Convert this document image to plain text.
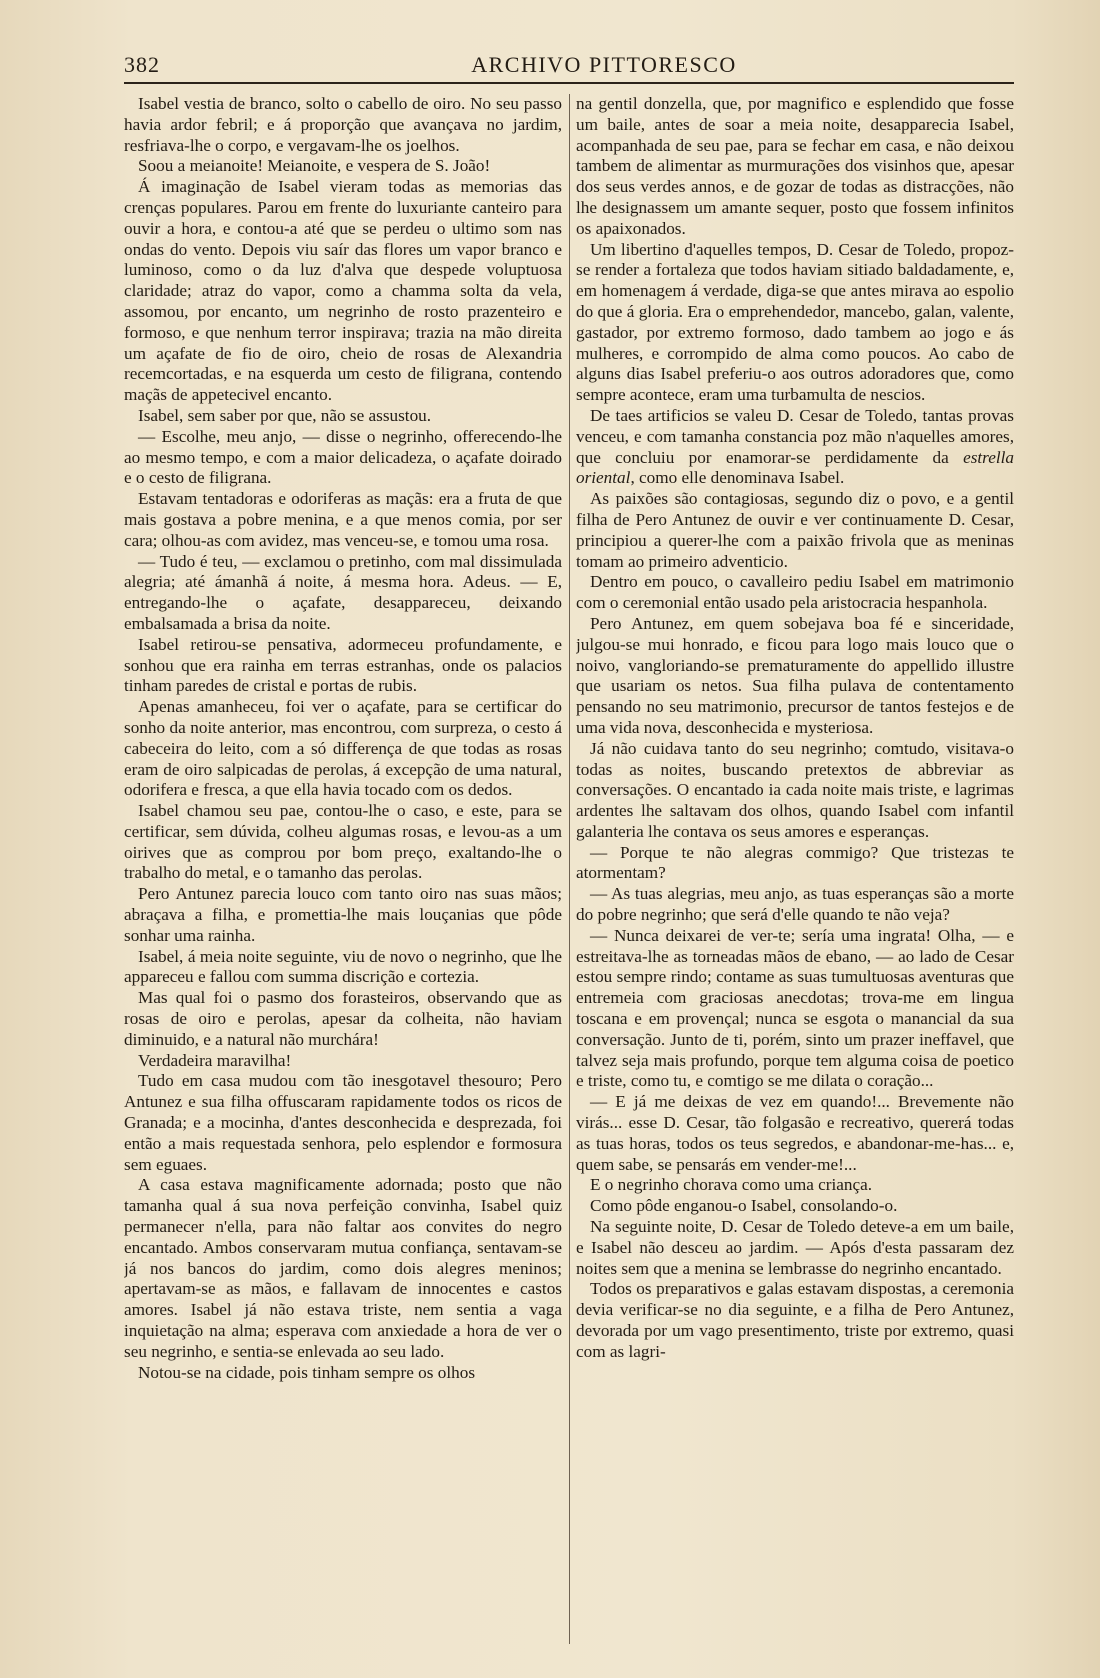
382	ARCHIVO PITTORESCO

Isabel vestia de branco, solto o cabello de oiro. No seu passo havia ardor febril; e á proporção que avançava no jardim, resfriava-lhe o corpo, e vergavam-lhe os joelhos.

Soou a meianoite! Meianoite, e vespera de S. João!

Á imaginação de Isabel vieram todas as memorias das crenças populares. Parou em frente do luxuriante canteiro para ouvir a hora, e contou-a até que se perdeu o ultimo som nas ondas do vento. Depois viu saír das flores um vapor branco e luminoso, como o da luz d'alva que despede voluptuosa claridade; atraz do vapor, como a chamma solta da vela, assomou, por encanto, um negrinho de rosto prazenteiro e formoso, e que nenhum terror inspirava; trazia na mão direita um açafate de fio de oiro, cheio de rosas de Alexandria recemcortadas, e na esquerda um cesto de filigrana, contendo maçãs de appetecivel encanto.

Isabel, sem saber por que, não se assustou.

— Escolhe, meu anjo, — disse o negrinho, offerecendo-lhe ao mesmo tempo, e com a maior delicadeza, o açafate doirado e o cesto de filigrana.

Estavam tentadoras e odoriferas as maçãs: era a fruta de que mais gostava a pobre menina, e a que menos comia, por ser cara; olhou-as com avidez, mas venceu-se, e tomou uma rosa.

— Tudo é teu, — exclamou o pretinho, com mal dissimulada alegria; até ámanhã á noite, á mesma hora. Adeus. — E, entregando-lhe o açafate, desappareceu, deixando embalsamada a brisa da noite.

Isabel retirou-se pensativa, adormeceu profundamente, e sonhou que era rainha em terras estranhas, onde os palacios tinham paredes de cristal e portas de rubis.

Apenas amanheceu, foi ver o açafate, para se certificar do sonho da noite anterior, mas encontrou, com surpreza, o cesto á cabeceira do leito, com a só differença de que todas as rosas eram de oiro salpicadas de perolas, á excepção de uma natural, odorifera e fresca, a que ella havia tocado com os dedos.

Isabel chamou seu pae, contou-lhe o caso, e este, para se certificar, sem dúvida, colheu algumas rosas, e levou-as a um oirives que as comprou por bom preço, exaltando-lhe o trabalho do metal, e o tamanho das perolas.

Pero Antunez parecia louco com tanto oiro nas suas mãos; abraçava a filha, e promettia-lhe mais louçanias que pôde sonhar uma rainha.

Isabel, á meia noite seguinte, viu de novo o negrinho, que lhe appareceu e fallou com summa discrição e cortezia.

Mas qual foi o pasmo dos forasteiros, observando que as rosas de oiro e perolas, apesar da colheita, não haviam diminuido, e a natural não murchára!

Verdadeira maravilha!

Tudo em casa mudou com tão inesgotavel thesouro; Pero Antunez e sua filha offuscaram rapidamente todos os ricos de Granada; e a mocinha, d'antes desconhecida e desprezada, foi então a mais requestada senhora, pelo esplendor e formosura sem eguaes.

A casa estava magnificamente adornada; posto que não tamanha qual á sua nova perfeição convinha, Isabel quiz permanecer n'ella, para não faltar aos convites do negro encantado. Ambos conservaram mutua confiança, sentavam-se já nos bancos do jardim, como dois alegres meninos; apertavam-se as mãos, e fallavam de innocentes e castos amores. Isabel já não estava triste, nem sentia a vaga inquietação na alma; esperava com anxiedade a hora de ver o seu negrinho, e sentia-se enlevada ao seu lado.

Notou-se na cidade, pois tinham sempre os olhos

na gentil donzella, que, por magnifico e esplendido que fosse um baile, antes de soar a meia noite, desapparecia Isabel, acompanhada de seu pae, para se fechar em casa, e não deixou tambem de alimentar as murmurações dos visinhos que, apesar dos seus verdes annos, e de gozar de todas as distracções, não lhe designassem um amante sequer, posto que fossem infinitos os apaixonados.

Um libertino d'aquelles tempos, D. Cesar de Toledo, propoz-se render a fortaleza que todos haviam sitiado baldadamente, e, em homenagem á verdade, diga-se que antes mirava ao espolio do que á gloria. Era o emprehendedor, mancebo, galan, valente, gastador, por extremo formoso, dado tambem ao jogo e ás mulheres, e corrompido de alma como poucos. Ao cabo de alguns dias Isabel preferiu-o aos outros adoradores que, como sempre acontece, eram uma turbamulta de nescios.

De taes artificios se valeu D. Cesar de Toledo, tantas provas venceu, e com tamanha constancia poz mão n'aquelles amores, que concluiu por enamorar-se perdidamente da estrella oriental, como elle denominava Isabel.

As paixões são contagiosas, segundo diz o povo, e a gentil filha de Pero Antunez de ouvir e ver continuamente D. Cesar, principiou a querer-lhe com a paixão frivola que as meninas tomam ao primeiro adventicio.

Dentro em pouco, o cavalleiro pediu Isabel em matrimonio com o ceremonial então usado pela aristocracia hespanhola.

Pero Antunez, em quem sobejava boa fé e sinceridade, julgou-se mui honrado, e ficou para logo mais louco que o noivo, vangloriando-se prematuramente do appellido illustre que usariam os netos. Sua filha pulava de contentamento pensando no seu matrimonio, precursor de tantos festejos e de uma vida nova, desconhecida e mysteriosa.

Já não cuidava tanto do seu negrinho; comtudo, visitava-o todas as noites, buscando pretextos de abbreviar as conversações. O encantado ia cada noite mais triste, e lagrimas ardentes lhe saltavam dos olhos, quando Isabel com infantil galanteria lhe contava os seus amores e esperanças.

— Porque te não alegras commigo? Que tristezas te atormentam?

— As tuas alegrias, meu anjo, as tuas esperanças são a morte do pobre negrinho; que será d'elle quando te não veja?

— Nunca deixarei de ver-te; sería uma ingrata! Olha, — e estreitava-lhe as torneadas mãos de ebano, — ao lado de Cesar estou sempre rindo; contame as suas tumultuosas aventuras que entremeia com graciosas anecdotas; trova-me em lingua toscana e em provençal; nunca se esgota o manancial da sua conversação. Junto de ti, porém, sinto um prazer ineffavel, que talvez seja mais profundo, porque tem alguma coisa de poetico e triste, como tu, e comtigo se me dilata o coração...

— E já me deixas de vez em quando!... Brevemente não virás... esse D. Cesar, tão folgasão e recreativo, quererá todas as tuas horas, todos os teus segredos, e abandonar-me-has... e, quem sabe, se pensarás em vender-me!...

E o negrinho chorava como uma criança.

Como pôde enganou-o Isabel, consolando-o.

Na seguinte noite, D. Cesar de Toledo deteve-a em um baile, e Isabel não desceu ao jardim. — Após d'esta passaram dez noites sem que a menina se lembrasse do negrinho encantado.

Todos os preparativos e galas estavam dispostas, a ceremonia devia verificar-se no dia seguinte, e a filha de Pero Antunez, devorada por um vago presentimento, triste por extremo, quasi com as lagri-
